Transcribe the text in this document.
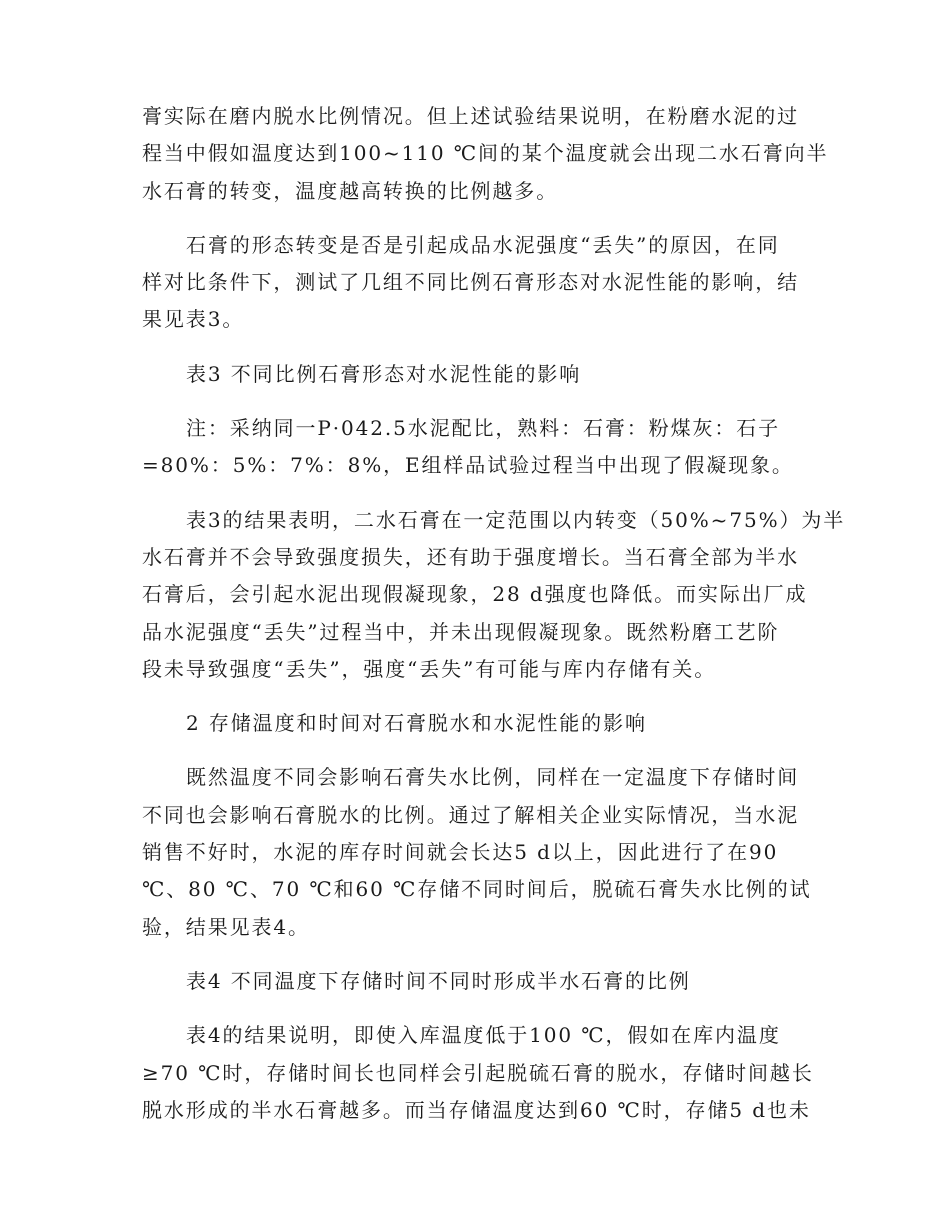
膏实际在磨内脱水比例情况。但上述试验结果说明，在粉磨水泥的过
程当中假如温度达到100~110 ℃间的某个温度就会出现二水石膏向半
水石膏的转变，温度越高转换的比例越多。
石膏的形态转变是否是引起成品水泥强度“丢失”的原因，在同
样对比条件下，测试了几组不同比例石膏形态对水泥性能的影响，结
果见表3。
表3 不同比例石膏形态对水泥性能的影响
注：采纳同一P·042.5水泥配比，熟料：石膏：粉煤灰：石子
=80%：5%：7%：8%，E组样品试验过程当中出现了假凝现象。
表3的结果表明，二水石膏在一定范围以内转变（50%~75%）为半
水石膏并不会导致强度损失，还有助于强度增长。当石膏全部为半水
石膏后，会引起水泥出现假凝现象，28 d强度也降低。而实际出厂成
品水泥强度“丢失”过程当中，并未出现假凝现象。既然粉磨工艺阶
段未导致强度“丢失”，强度“丢失”有可能与库内存储有关。
2 存储温度和时间对石膏脱水和水泥性能的影响
既然温度不同会影响石膏失水比例，同样在一定温度下存储时间
不同也会影响石膏脱水的比例。通过了解相关企业实际情况，当水泥
销售不好时，水泥的库存时间就会长达5 d以上，因此进行了在90
℃、80 ℃、70 ℃和60 ℃存储不同时间后，脱硫石膏失水比例的试
验，结果见表4。
表4 不同温度下存储时间不同时形成半水石膏的比例
表4的结果说明，即使入库温度低于100 ℃，假如在库内温度
≥70 ℃时，存储时间长也同样会引起脱硫石膏的脱水，存储时间越长
脱水形成的半水石膏越多。而当存储温度达到60 ℃时，存储5 d也未
